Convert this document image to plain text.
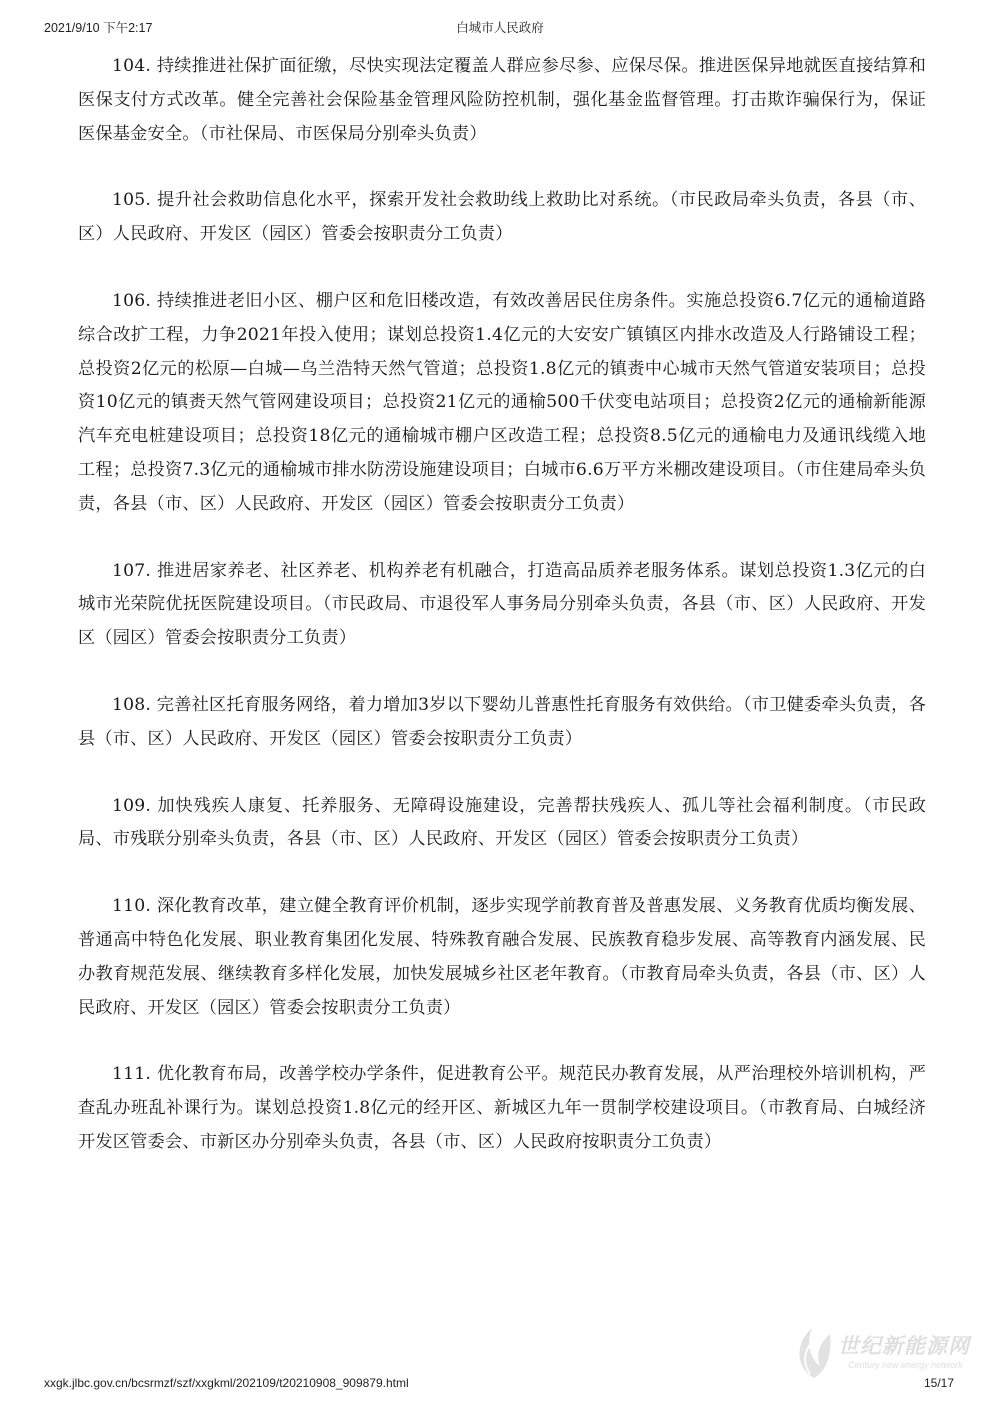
2021/9/10 下午2:17	白城市人民政府

104. 持续推进社保扩面征缴，尽快实现法定覆盖人群应参尽参、应保尽保。推进医保异地就医直接结算和医保支付方式改革。健全完善社会保险基金管理风险防控机制，强化基金监督管理。打击欺诈骗保行为，保证医保基金安全。（市社保局、市医保局分别牵头负责）

105. 提升社会救助信息化水平，探索开发社会救助线上救助比对系统。（市民政局牵头负责，各县（市、区）人民政府、开发区（园区）管委会按职责分工负责）

106. 持续推进老旧小区、棚户区和危旧楼改造，有效改善居民住房条件。实施总投资6.7亿元的通榆道路综合改扩工程，力争2021年投入使用；谋划总投资1.4亿元的大安安广镇镇区内排水改造及人行路铺设工程；总投资2亿元的松原—白城—乌兰浩特天然气管道；总投资1.8亿元的镇赉中心城市天然气管道安装项目；总投资10亿元的镇赉天然气管网建设项目；总投资21亿元的通榆500千伏变电站项目；总投资2亿元的通榆新能源汽车充电桩建设项目；总投资18亿元的通榆城市棚户区改造工程；总投资8.5亿元的通榆电力及通讯线缆入地工程；总投资7.3亿元的通榆城市排水防涝设施建设项目；白城市6.6万平方米棚改建设项目。（市住建局牵头负责，各县（市、区）人民政府、开发区（园区）管委会按职责分工负责）

107. 推进居家养老、社区养老、机构养老有机融合，打造高品质养老服务体系。谋划总投资1.3亿元的白城市光荣院优抚医院建设项目。（市民政局、市退役军人事务局分别牵头负责，各县（市、区）人民政府、开发区（园区）管委会按职责分工负责）

108. 完善社区托育服务网络，着力增加3岁以下婴幼儿普惠性托育服务有效供给。（市卫健委牵头负责，各县（市、区）人民政府、开发区（园区）管委会按职责分工负责）

109. 加快残疾人康复、托养服务、无障碍设施建设，完善帮扶残疾人、孤儿等社会福利制度。（市民政局、市残联分别牵头负责，各县（市、区）人民政府、开发区（园区）管委会按职责分工负责）

110. 深化教育改革，建立健全教育评价机制，逐步实现学前教育普及普惠发展、义务教育优质均衡发展、普通高中特色化发展、职业教育集团化发展、特殊教育融合发展、民族教育稳步发展、高等教育内涵发展、民办教育规范发展、继续教育多样化发展，加快发展城乡社区老年教育。（市教育局牵头负责，各县（市、区）人民政府、开发区（园区）管委会按职责分工负责）

111. 优化教育布局，改善学校办学条件，促进教育公平。规范民办教育发展，从严治理校外培训机构，严查乱办班乱补课行为。谋划总投资1.8亿元的经开区、新城区九年一贯制学校建设项目。（市教育局、白城经济开发区管委会、市新区办分别牵头负责，各县（市、区）人民政府按职责分工负责）

xxgk.jlbc.gov.cn/bcsrmzf/szf/xxgkml/202109/t20210908_909879.html	15/17
世纪新能源网
Century new energy network
